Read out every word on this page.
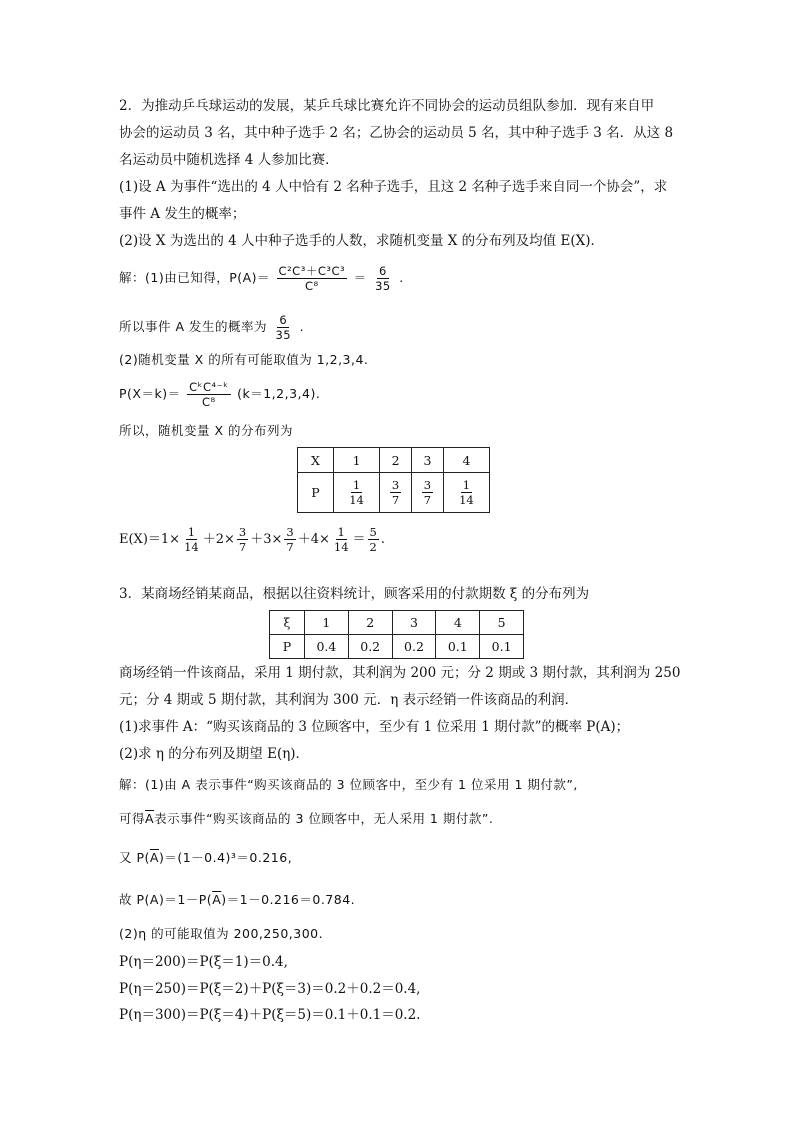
2．为推动乒乓球运动的发展，某乒乓球比赛允许不同协会的运动员组队参加．现有来自甲
协会的运动员 3 名，其中种子选手 2 名；乙协会的运动员 5 名，其中种子选手 3 名．从这 8
名运动员中随机选择 4 人参加比赛．
(1)设 A 为事件“选出的 4 人中恰有 2 名种子选手，且这 2 名种子选手来自同一个协会”，求
事件 A 发生的概率；
(2)设 X 为选出的 4 人中种子选手的人数，求随机变量 X 的分布列及均值 E(X)．
解：(1)由已知得，$P(A)= \frac{\text{C²C³＋C³C³}}{\text{C⁸}} = \frac{6}{35}$ .
所以事件 A 发生的概率为 $\frac{6}{35}$ .
(2)随机变量 X 的所有可能取值为 1,2,3,4.
$P(X=k)= \frac{\text{CᵏC⁴⁻ᵏ}}{\text{C⁸}} (k=1,2,3,4)$.
所以，随机变量 X 的分布列为
X	1	2	3	4
P	$\frac{1}{14}$	$\frac{3}{7}$	$\frac{3}{7}$	$\frac{1}{14}$
$E(X)=1\times \frac{1}{14} +2\times \frac{3}{7} +3\times \frac{3}{7} +4\times \frac{1}{14} = \frac{5}{2}$ .
3．某商场经销某商品，根据以往资料统计，顾客采用的付款期数 ξ 的分布列为
ξ	1	2	3	4	5
P	0.4	0.2	0.2	0.1	0.1
商场经销一件该商品，采用 1 期付款，其利润为 200 元；分 2 期或 3 期付款，其利润为 250
元；分 4 期或 5 期付款，其利润为 300 元．η 表示经销一件该商品的利润．
(1)求事件 A：“购买该商品的 3 位顾客中，至少有 1 位采用 1 期付款”的概率 P(A)；
(2)求 η 的分布列及期望 E(η)．
解：(1)由 A 表示事件“购买该商品的 3 位顾客中，至少有 1 位采用 1 期付款”,
可得$\overline{A}$表示事件“购买该商品的 3 位顾客中，无人采用 1 期付款”.
又 $P(\overline{A})=(1-0.4)^3=0.216$,
故 $P(A)=1-P(\overline{A})=1-0.216=0.784$.
(2)η 的可能取值为 200,250,300.
P(η＝200)＝P(ξ＝1)＝0.4,
P(η＝250)＝P(ξ＝2)＋P(ξ＝3)＝0.2＋0.2＝0.4,
P(η＝300)＝P(ξ＝4)＋P(ξ＝5)＝0.1＋0.1＝0.2.
